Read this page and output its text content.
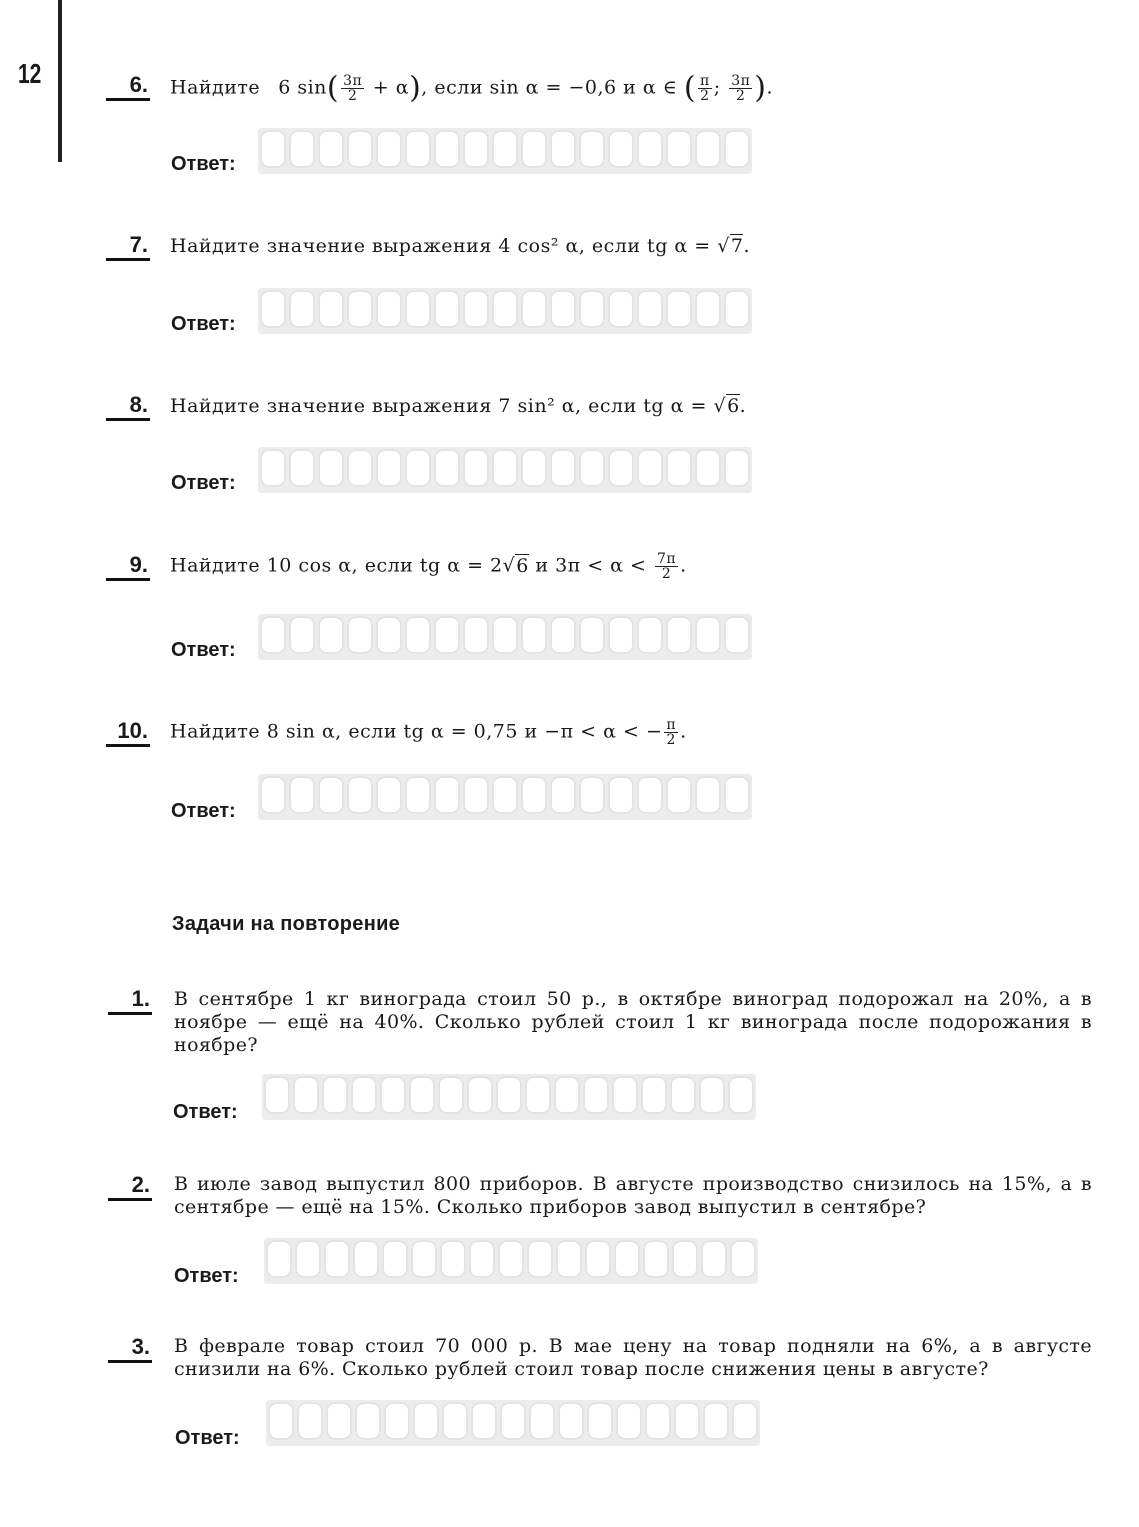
12	6. Найдите 6 $\sin( \frac{3\pi}{2} + \alpha)$, если sin α = −0,6 и α ∈ ( $\frac{\pi}{2}$ ; $\frac{3\pi}{2}$ ).
Ответ:
7. Найдите значение выражения 4 cos² α, если tg α = √7.
Ответ:
8. Найдите значение выражения 7 sin² α, если tg α = √6.
Ответ:
9. Найдите 10 cos α, если tg α = 2√6 и $3\pi < \alpha < \frac{7\pi}{2}$ .
Ответ:
10. Найдите 8 sin α, если tg α = 0,75 и −π < α < − $\frac{\pi}{2}$ .
Ответ:
Задачи на повторение
1. В сентябре 1 кг винограда стоил 50 р., в октябре виноград подорожал на 20%, а в ноябре — ещё на 40%. Сколько рублей стоил 1 кг винограда после подорожания в ноябре?
Ответ:
2. В июле завод выпустил 800 приборов. В августе производство снизилось на 15%, а в сентябре — ещё на 15%. Сколько приборов завод выпустил в сентябре?
Ответ:
3. В феврале товар стоил 70 000 р. В мае цену на товар подняли на 6%, а в августе снизили на 6%. Сколько рублей стоил товар после снижения цены в августе?
Ответ:
